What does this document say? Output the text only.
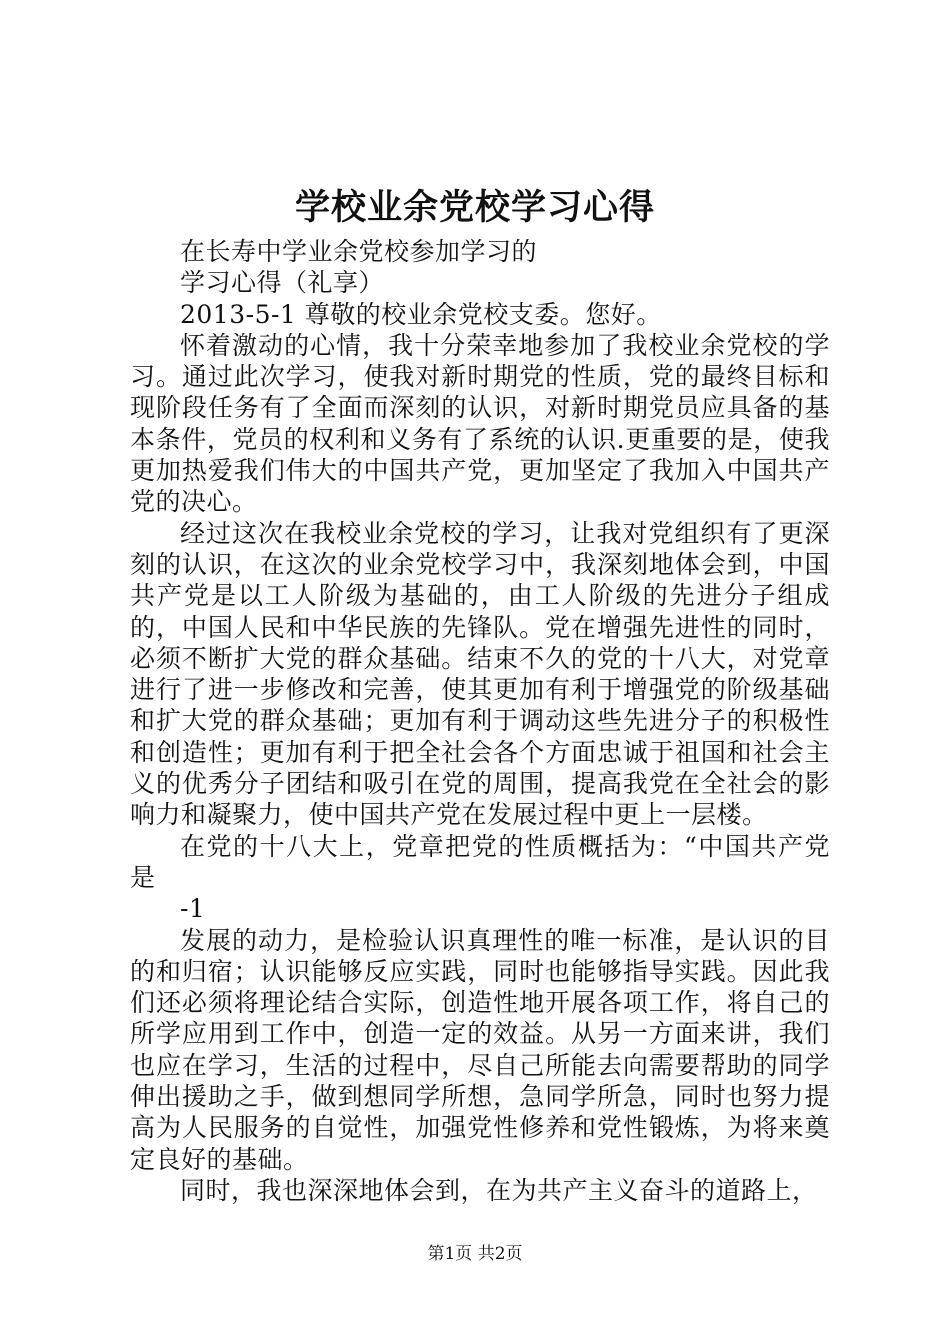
学校业余党校学习心得

在长寿中学业余党校参加学习的

学习心得（礼享）

2013-5-1 尊敬的校业余党校支委。您好。

怀着激动的心情，我十分荣幸地参加了我校业余党校的学习。通过此次学习，使我对新时期党的性质，党的最终目标和现阶段任务有了全面而深刻的认识，对新时期党员应具备的基本条件，党员的权利和义务有了系统的认识.更重要的是，使我更加热爱我们伟大的中国共产党，更加坚定了我加入中国共产党的决心。

经过这次在我校业余党校的学习，让我对党组织有了更深刻的认识，在这次的业余党校学习中，我深刻地体会到，中国共产党是以工人阶级为基础的，由工人阶级的先进分子组成的，中国人民和中华民族的先锋队。党在增强先进性的同时，必须不断扩大党的群众基础。结束不久的党的十八大，对党章进行了进一步修改和完善，使其更加有利于增强党的阶级基础和扩大党的群众基础；更加有利于调动这些先进分子的积极性和创造性；更加有利于把全社会各个方面忠诚于祖国和社会主义的优秀分子团结和吸引在党的周围，提高我党在全社会的影响力和凝聚力，使中国共产党在发展过程中更上一层楼。

在党的十八大上，党章把党的性质概括为：“中国共产党是

-1

发展的动力，是检验认识真理性的唯一标准，是认识的目的和归宿；认识能够反应实践，同时也能够指导实践。因此我们还必须将理论结合实际，创造性地开展各项工作，将自己的所学应用到工作中，创造一定的效益。从另一方面来讲，我们也应在学习，生活的过程中，尽自己所能去向需要帮助的同学伸出援助之手，做到想同学所想，急同学所急，同时也努力提高为人民服务的自觉性，加强党性修养和党性锻炼，为将来奠定良好的基础。

同时，我也深深地体会到，在为共产主义奋斗的道路上，

第1页 共2页
